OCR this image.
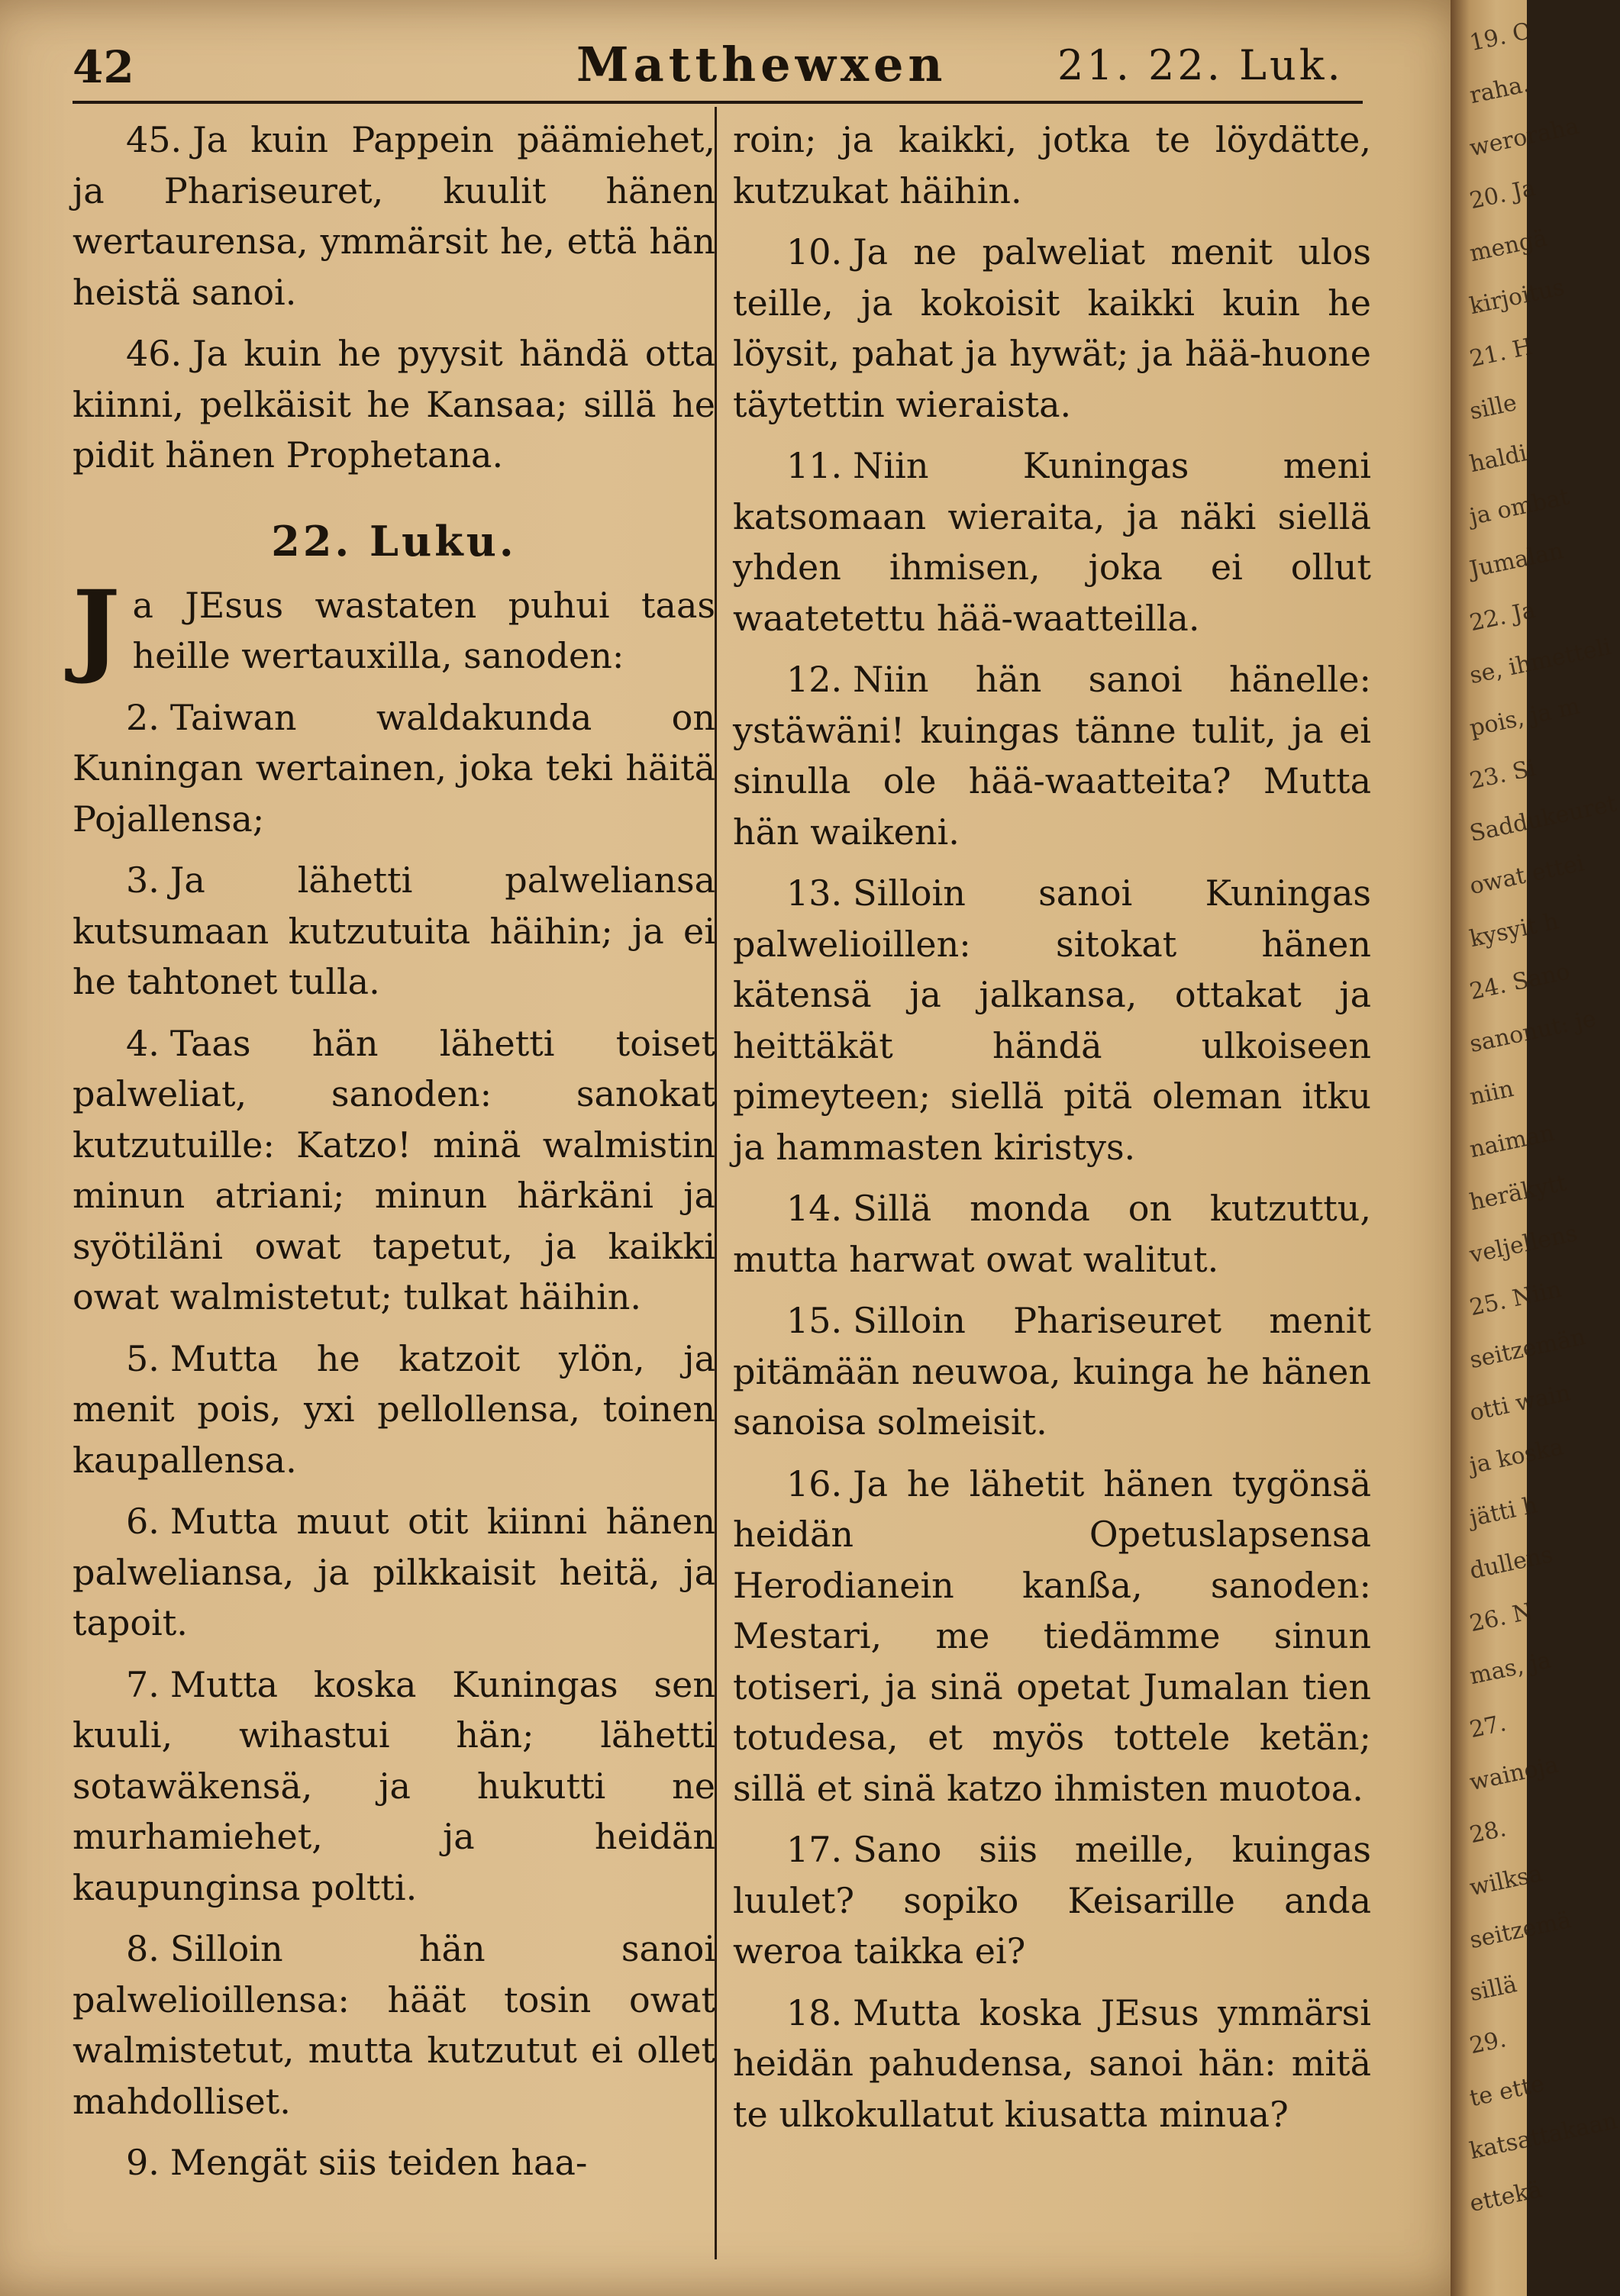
42	Matthewxen	21. 22. Luk.

45. Ja kuin Pappein päämiehet, ja Phariseuret, kuulit hänen wertaurensa, ymmärsit he, että hän heistä sanoi.

46. Ja kuin he pyysit händä otta kiinni, pelkäisit he Kansaa; sillä he pidit hänen Prophetana.

22. Luku.

Ja JEsus wastaten puhui taas heille wertauxilla, sanoden:

2. Taiwan waldakunda on Kuningan wertainen, joka teki häitä Pojallensa;

3. Ja lähetti palweliansa kutsumaan kutzutuita häihin; ja ei he tahtonet tulla.

4. Taas hän lähetti toiset palweliat, sanoden: sanokat kutzutuille: Katzo! minä walmistin minun atriani; minun härkäni ja syötiläni owat tapetut, ja kaikki owat walmistetut; tulkat häihin.

5. Mutta he katzoit ylön, ja menit pois, yxi pellollensa, toinen kaupallensa.

6. Mutta muut otit kiinni hänen palweliansa, ja pilkkaisit heitä, ja tapoit.

7. Mutta koska Kuningas sen kuuli, wihastui hän; lähetti sotawäkensä, ja hukutti ne murhamiehet, ja heidän kaupunginsa poltti.

8. Silloin hän sanoi palwelioillensa: häät tosin owat walmistetut, mutta kutzutut ei ollet mahdolliset.

9. Mengät siis teiden haa-

roin; ja kaikki, jotka te löydätte, kutzukat häihin.

10. Ja ne palweliat menit ulos teille, ja kokoisit kaikki kuin he löysit, pahat ja hywät; ja hää-huone täytettin wieraista.

11. Niin Kuningas meni katsomaan wieraita, ja näki siellä yhden ihmisen, joka ei ollut waatetettu hää-waatteilla.

12. Niin hän sanoi hänelle: ystäwäni! kuingas tänne tulit, ja ei sinulla ole hää-waatteita? Mutta hän waikeni.

13. Silloin sanoi Kuningas palwelioillen: sitokat hänen kätensä ja jalkansa, ottakat ja heittäkät händä ulkoiseen pimeyteen; siellä pitä oleman itku ja hammasten kiristys.

14. Sillä monda on kutzuttu, mutta harwat owat walitut.

15. Silloin Phariseuret menit pitämään neuwoa, kuinga he hänen sanoisa solmeisit.

16. Ja he lähetit hänen tygönsä heidän Opetuslapsensa Herodianein kanßa, sanoden: Mestari, me tiedämme sinun totiseri, ja sinä opetat Jumalan tien totudesa, et myös tottele ketän; sillä et sinä katzo ihmisten muotoa.

17. Sano siis meille, kuingas luulet? sopiko Keisarille anda weroa taikka ei?

18. Mutta koska JEsus ymmärsi heidän pahudensa, sanoi hän: mitä te ulkokullatut kiusatta minua?

19. O
raha.
weroraha
20. Ja
mengä
kirjoitus
21. H
sille
haldi
ja ombat
Jumalan
22. Ja
se, ihmetteli
pois, ja m
23. Si
Saddukeuret
owat ettei
kysyit h
24. Sano
sanonut: je
niin
naiman
heräkytt
veljellens
25. Niin
seitzemän
otti wain
ja koska
jätti h
dullens
26. N
mas, ja
27.
wainoja
28.
wilksa
seitzemä
sillä
29.
te ette
katsattakaan
ettekä
